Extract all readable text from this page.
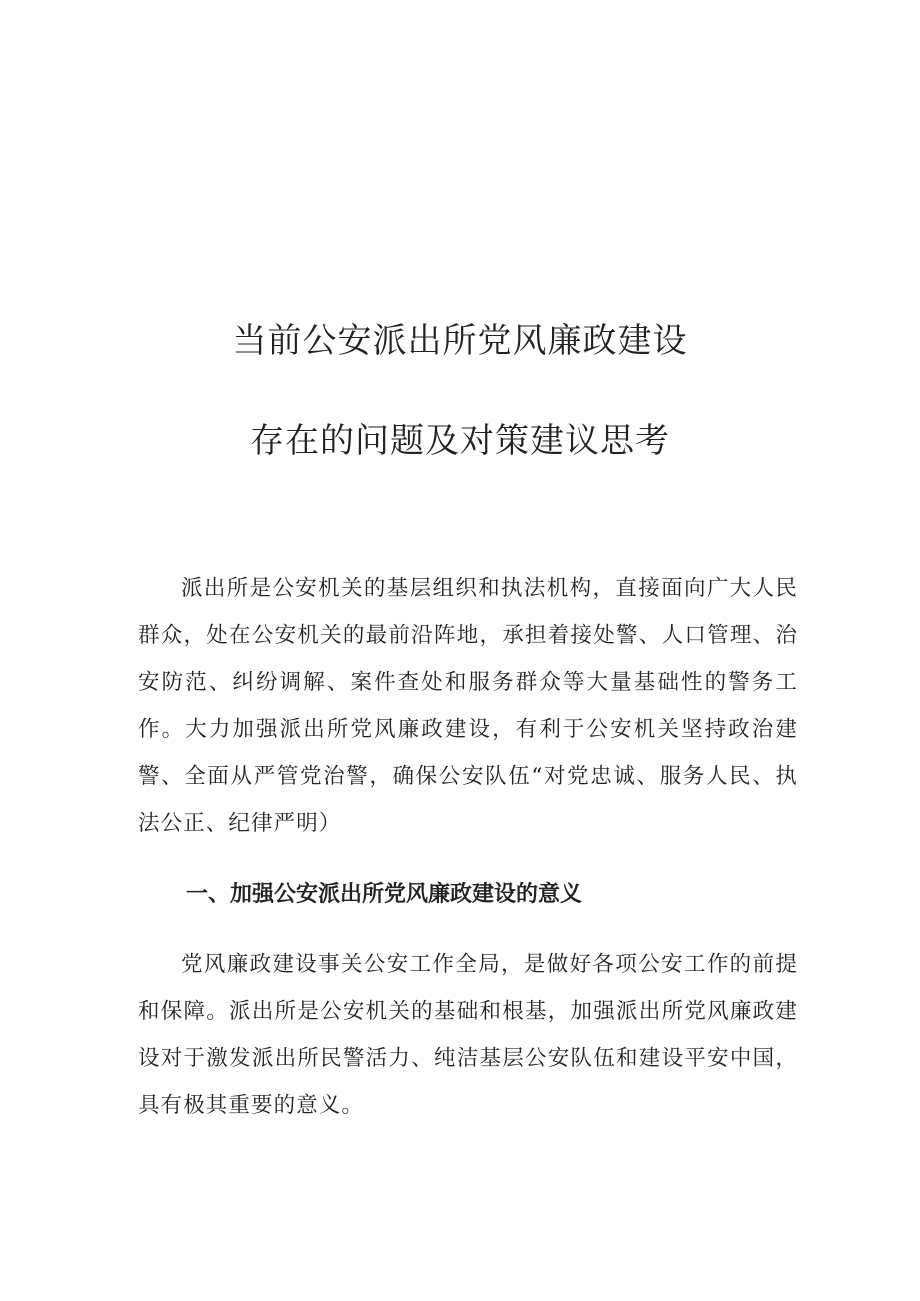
当前公安派出所党风廉政建设
存在的问题及对策建议思考

派出所是公安机关的基层组织和执法机构，直接面向广大人民群众，处在公安机关的最前沿阵地，承担着接处警、人口管理、治安防范、纠纷调解、案件查处和服务群众等大量基础性的警务工作。大力加强派出所党风廉政建设，有利于公安机关坚持政治建警、全面从严管党治警，确保公安队伍“对党忠诚、服务人民、执法公正、纪律严明）

一、加强公安派出所党风廉政建设的意义

党风廉政建设事关公安工作全局，是做好各项公安工作的前提和保障。派出所是公安机关的基础和根基，加强派出所党风廉政建设对于激发派出所民警活力、纯洁基层公安队伍和建设平安中国，具有极其重要的意义。
